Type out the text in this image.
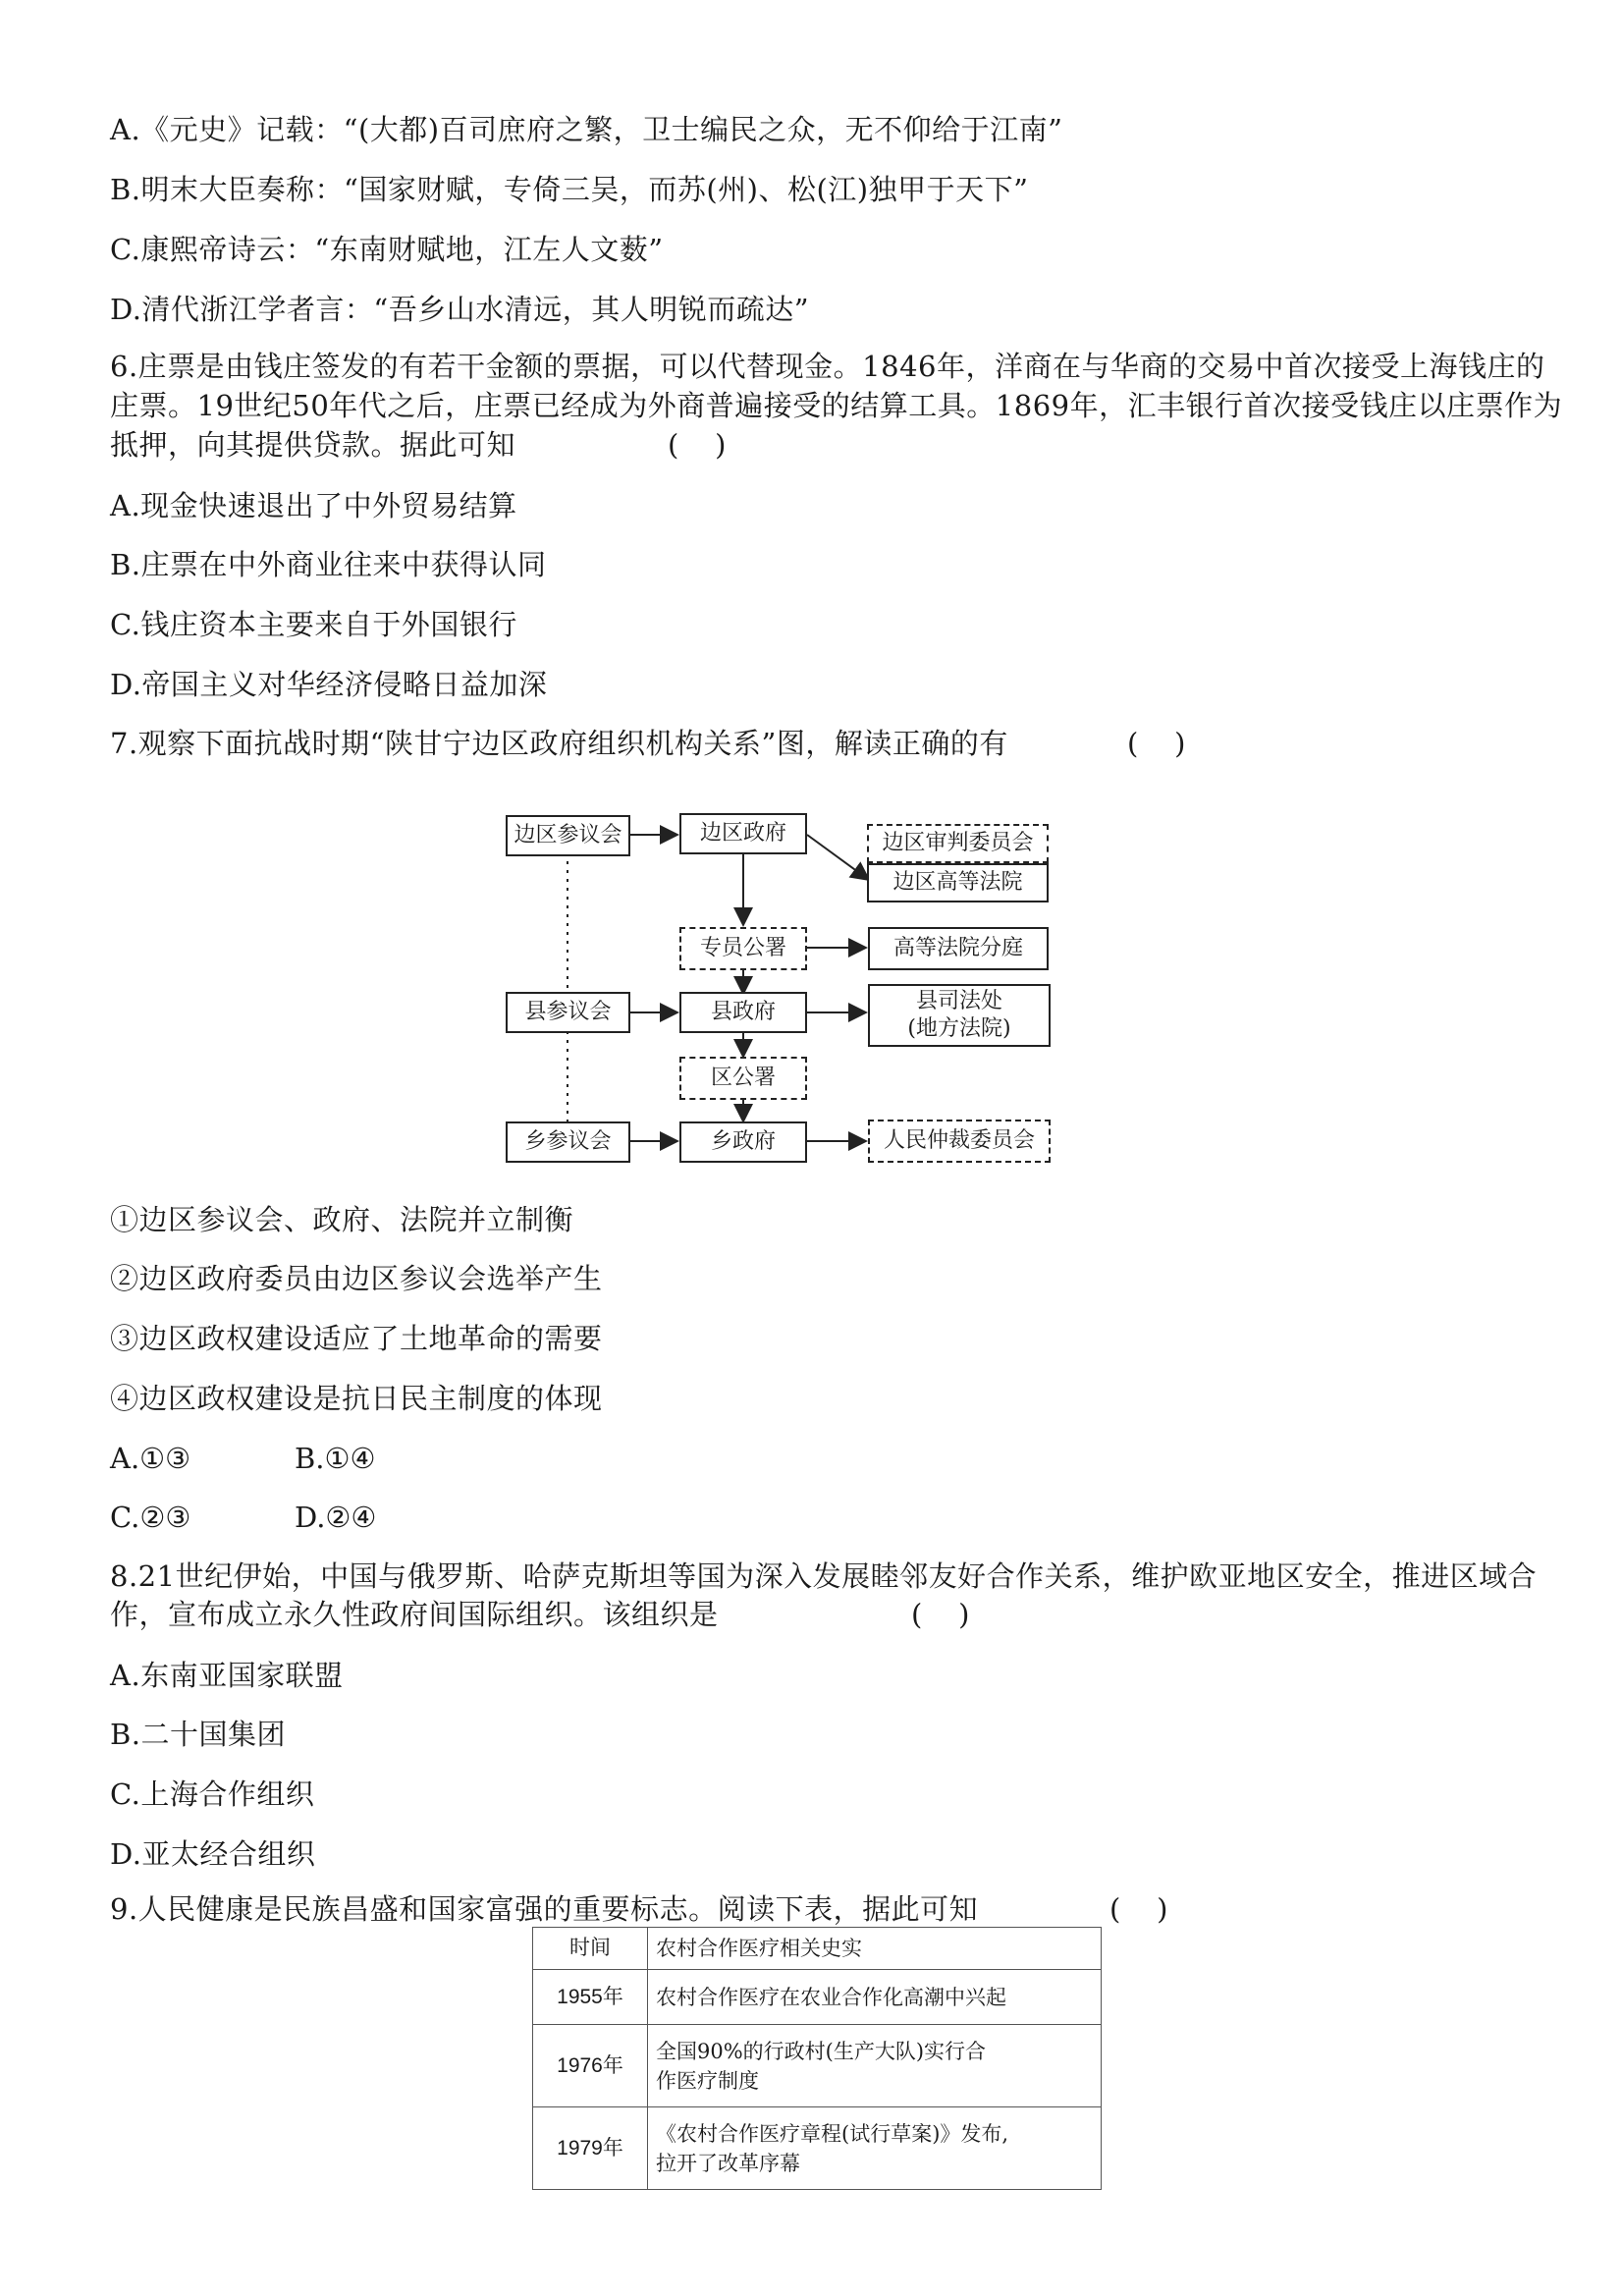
A.《元史》记载：“(大都)百司庶府之繁，卫士编民之众，无不仰给于江南”
B.明末大臣奏称：“国家财赋，专倚三吴，而苏(州)、松(江)独甲于天下”
C.康熙帝诗云：“东南财赋地，江左人文薮”
D.清代浙江学者言：“吾乡山水清远，其人明锐而疏达”
6.庄票是由钱庄签发的有若干金额的票据，可以代替现金。1846年，洋商在与华商的交易中首次接受上海钱庄的
庄票。19世纪50年代之后，庄票已经成为外商普遍接受的结算工具。1869年，汇丰银行首次接受钱庄以庄票作为
抵押，向其提供贷款。据此可知	(    )
A.现金快速退出了中外贸易结算
B.庄票在中外商业往来中获得认同
C.钱庄资本主要来自于外国银行
D.帝国主义对华经济侵略日益加深
7.观察下面抗战时期“陕甘宁边区政府组织机构关系”图，解读正确的有	(    )
边区参议会	边区政府	边区审判委员会
边区高等法院
专员公署	高等法院分庭
县参议会	县政府	县司法处
(地方法院)
区公署
乡参议会	乡政府	人民仲裁委员会
①边区参议会、政府、法院并立制衡
②边区政府委员由边区参议会选举产生
③边区政权建设适应了土地革命的需要
④边区政权建设是抗日民主制度的体现
A.①③	B.①④
C.②③	D.②④
8.21世纪伊始，中国与俄罗斯、哈萨克斯坦等国为深入发展睦邻友好合作关系，维护欧亚地区安全，推进区域合
作，宣布成立永久性政府间国际组织。该组织是	(    )
A.东南亚国家联盟
B.二十国集团
C.上海合作组织
D.亚太经合组织
9.人民健康是民族昌盛和国家富强的重要标志。阅读下表，据此可知	(    )
时间	农村合作医疗相关史实
1955年	农村合作医疗在农业合作化高潮中兴起
1976年	全国90%的行政村(生产大队)实行合
作医疗制度

1979年	《农村合作医疗章程(试行草案)》发布,
拉开了改革序幕
